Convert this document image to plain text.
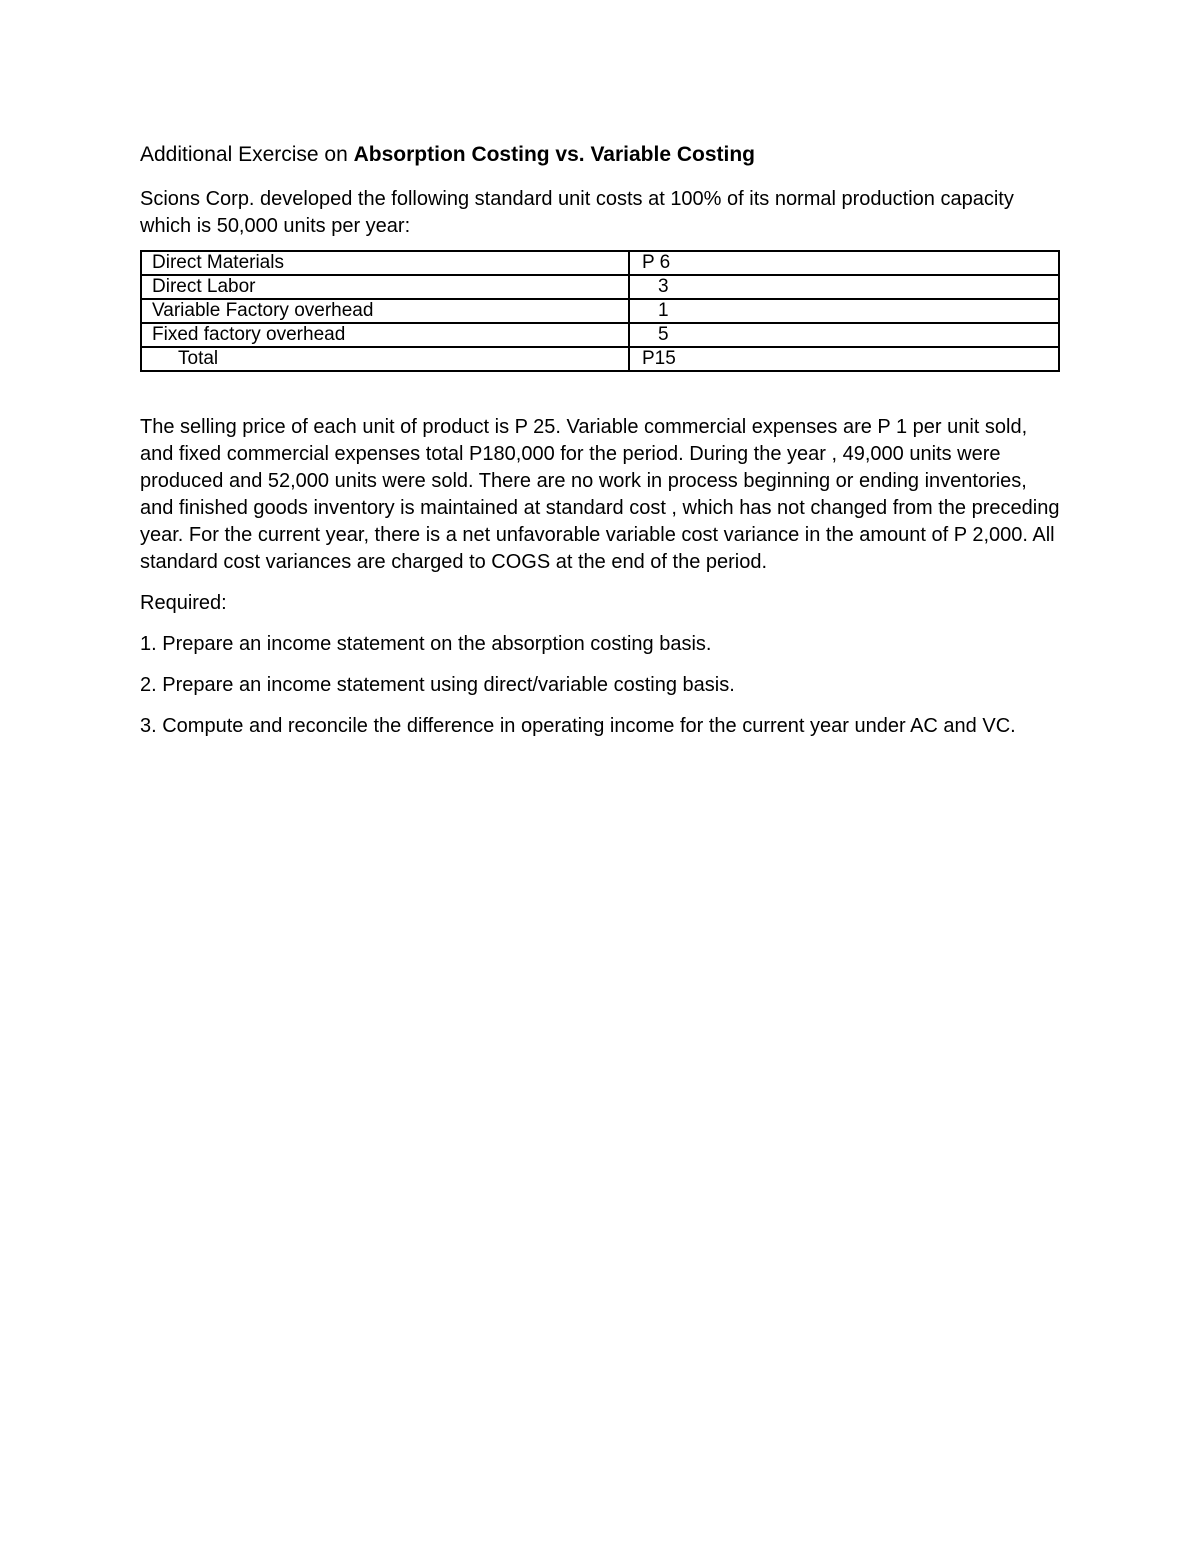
Additional Exercise on Absorption Costing vs. Variable Costing

Scions Corp. developed the following standard unit costs at 100% of its normal production capacity which is 50,000 units per year:

Direct Materials	P 6
Direct Labor	3
Variable Factory overhead	1
Fixed factory overhead	5
Total	P15

The selling price of each unit of product is P 25. Variable commercial expenses are P 1 per unit sold, and fixed commercial expenses total P180,000 for the period. During the year , 49,000 units were produced and 52,000 units were sold. There are no work in process beginning or ending inventories, and finished goods inventory is maintained at standard cost , which has not changed from the preceding year. For the current year, there is a net unfavorable variable cost variance in the amount of P 2,000. All standard cost variances are charged to COGS at the end of the period.

Required:

1. Prepare an income statement on the absorption costing basis.

2. Prepare an income statement using direct/variable costing basis.

3. Compute and reconcile the difference in operating income for the current year under AC and VC.
